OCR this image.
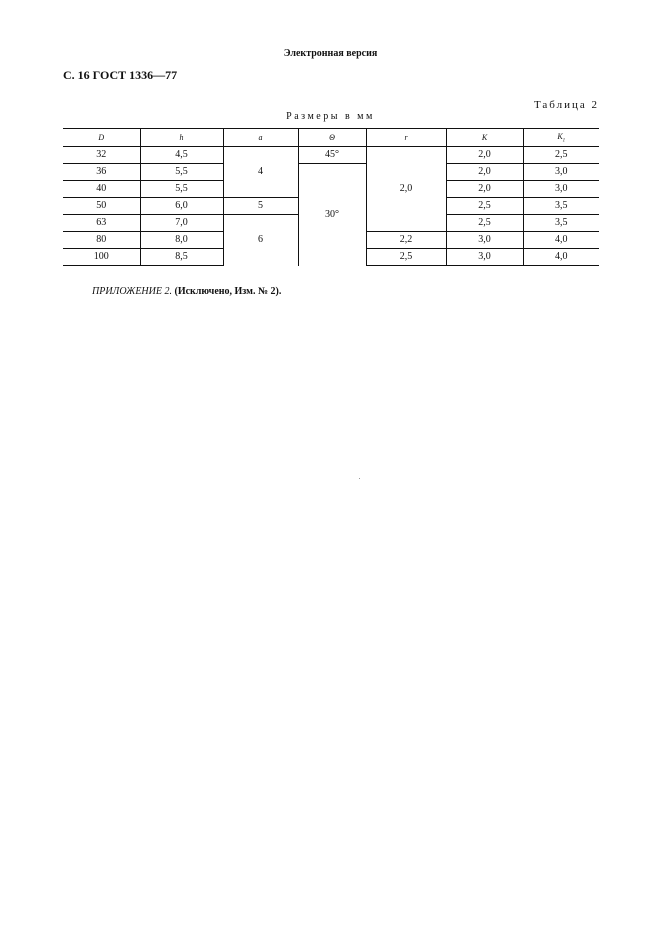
Электронная версия
С. 16 ГОСТ 1336—77
Таблица 2
Размеры в мм
D	h	a	Θ	r	K	$K_1$
32	4,5	4	45°	2,0	2,0	2,5
36	5,5		30°		2,0	3,0
40	5,5				2,0	3,0
50	6,0	5			2,5	3,5
63	7,0	6			2,5	3,5
80	8,0			2,2	3,0	4,0
100	8,5			2,5	3,0	4,0
ПРИЛОЖЕНИЕ 2. (Исключено, Изм. № 2).
